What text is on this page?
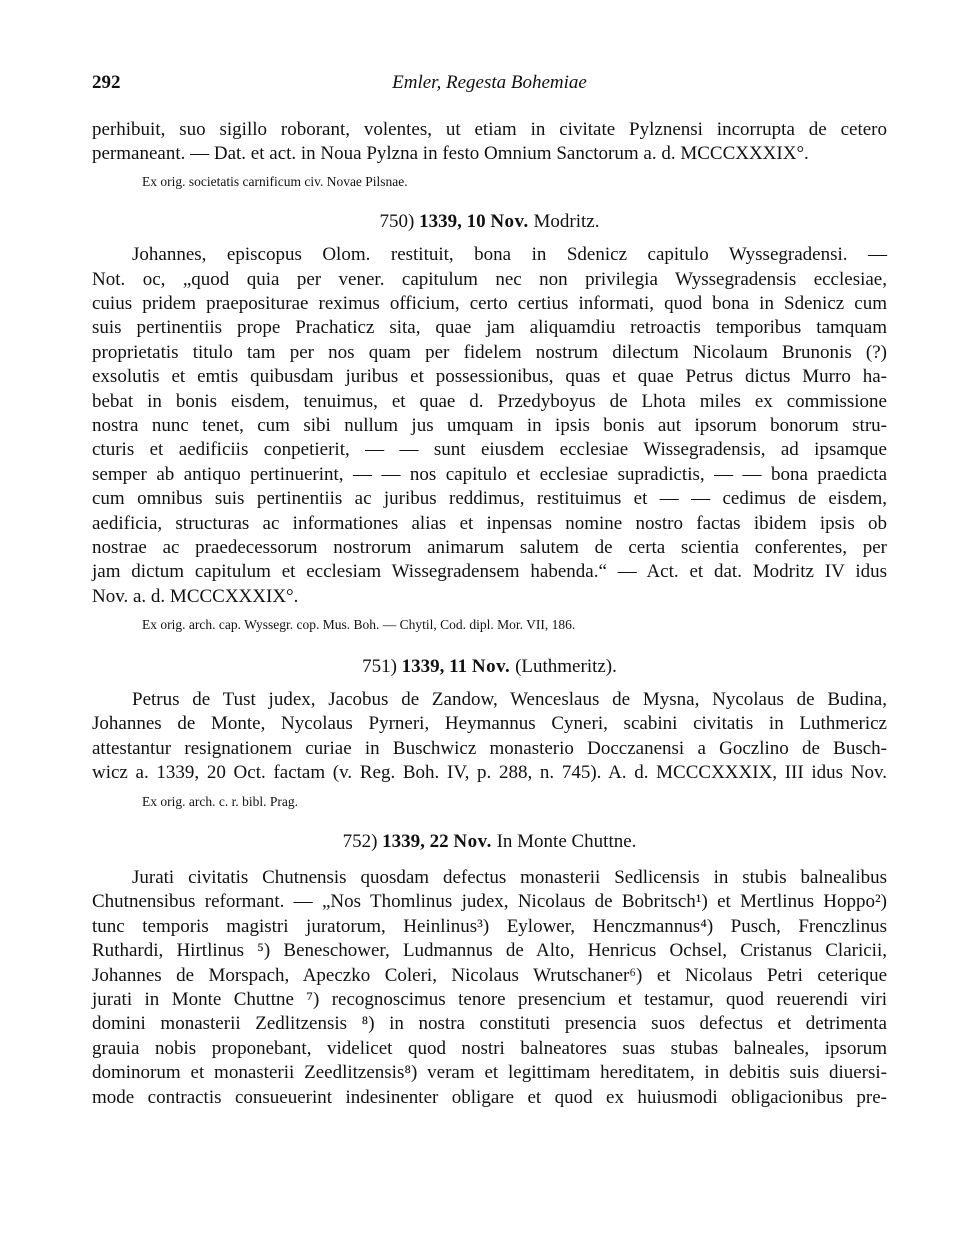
292	Emler, Regesta Bohemiae
perhibuit, suo sigillo roborant, volentes, ut etiam in civitate Pylznensi incorrupta de cetero
permaneant. — Dat. et act. in Noua Pylzna in festo Omnium Sanctorum a. d. MCCCXXXIX°.
Ex orig. societatis carnificum civ. Novae Pilsnae.
750) 1339, 10 Nov. Modritz.
Johannes, episcopus Olom. restituit, bona in Sdenicz capitulo Wyssegradensi. —
Not. oc, „quod quia per vener. capitulum nec non privilegia Wyssegradensis ecclesiae,
cuius pridem praepositurae reximus officium, certo certius informati, quod bona in Sdenicz cum
suis pertinentiis prope Prachaticz sita, quae jam aliquamdiu retroactis temporibus tamquam
proprietatis titulo tam per nos quam per fidelem nostrum dilectum Nicolaum Brunonis (?)
exsolutis et emtis quibusdam juribus et possessionibus, quas et quae Petrus dictus Murro ha-
bebat in bonis eisdem, tenuimus, et quae d. Przedyboyus de Lhota miles ex commissione
nostra nunc tenet, cum sibi nullum jus umquam in ipsis bonis aut ipsorum bonorum stru-
cturis et aedificiis conpetierit, — — sunt eiusdem ecclesiae Wissegradensis, ad ipsamque
semper ab antiquo pertinuerint, — — nos capitulo et ecclesiae supradictis, — — bona praedicta
cum omnibus suis pertinentiis ac juribus reddimus, restituimus et — — cedimus de eisdem,
aedificia, structuras ac informationes alias et inpensas nomine nostro factas ibidem ipsis ob
nostrae ac praedecessorum nostrorum animarum salutem de certa scientia conferentes, per
jam dictum capitulum et ecclesiam Wissegradensem habenda.“ — Act. et dat. Modritz IV idus
Nov. a. d. MCCCXXXIX°.
Ex orig. arch. cap. Wyssegr. cop. Mus. Boh. — Chytil, Cod. dipl. Mor. VII, 186.
751) 1339, 11 Nov. (Luthmeritz).
Petrus de Tust judex, Jacobus de Zandow, Wenceslaus de Mysna, Nycolaus de Budina,
Johannes de Monte, Nycolaus Pyrneri, Heymannus Cyneri, scabini civitatis in Luthmericz
attestantur resignationem curiae in Buschwicz monasterio Docczanensi a Goczlino de Busch-
wicz a. 1339, 20 Oct. factam (v. Reg. Boh. IV, p. 288, n. 745). A. d. MCCCXXXIX, III idus Nov.
Ex orig. arch. c. r. bibl. Prag.
752) 1339, 22 Nov. In Monte Chuttne.
Jurati civitatis Chutnensis quosdam defectus monasterii Sedlicensis in stubis balnealibus
Chutnensibus reformant. — „Nos Thomlinus judex, Nicolaus de Bobritsch¹) et Mertlinus Hoppo²)
tunc temporis magistri juratorum, Heinlinus³) Eylower, Henczmannus⁴) Pusch, Frenczlinus
Ruthardi, Hirtlinus ⁵) Beneschower, Ludmannus de Alto, Henricus Ochsel, Cristanus Claricii,
Johannes de Morspach, Apeczko Coleri, Nicolaus Wrutschaner⁶) et Nicolaus Petri ceterique
jurati in Monte Chuttne ⁷) recognoscimus tenore presencium et testamur, quod reuerendi viri
domini monasterii Zedlitzensis ⁸) in nostra constituti presencia suos defectus et detrimenta
grauia nobis proponebant, videlicet quod nostri balneatores suas stubas balneales, ipsorum
dominorum et monasterii Zeedlitzensis⁸) veram et legittimam hereditatem, in debitis suis diuersi-
mode contractis consueuerint indesinenter obligare et quod ex huiusmodi obligacionibus pre-
